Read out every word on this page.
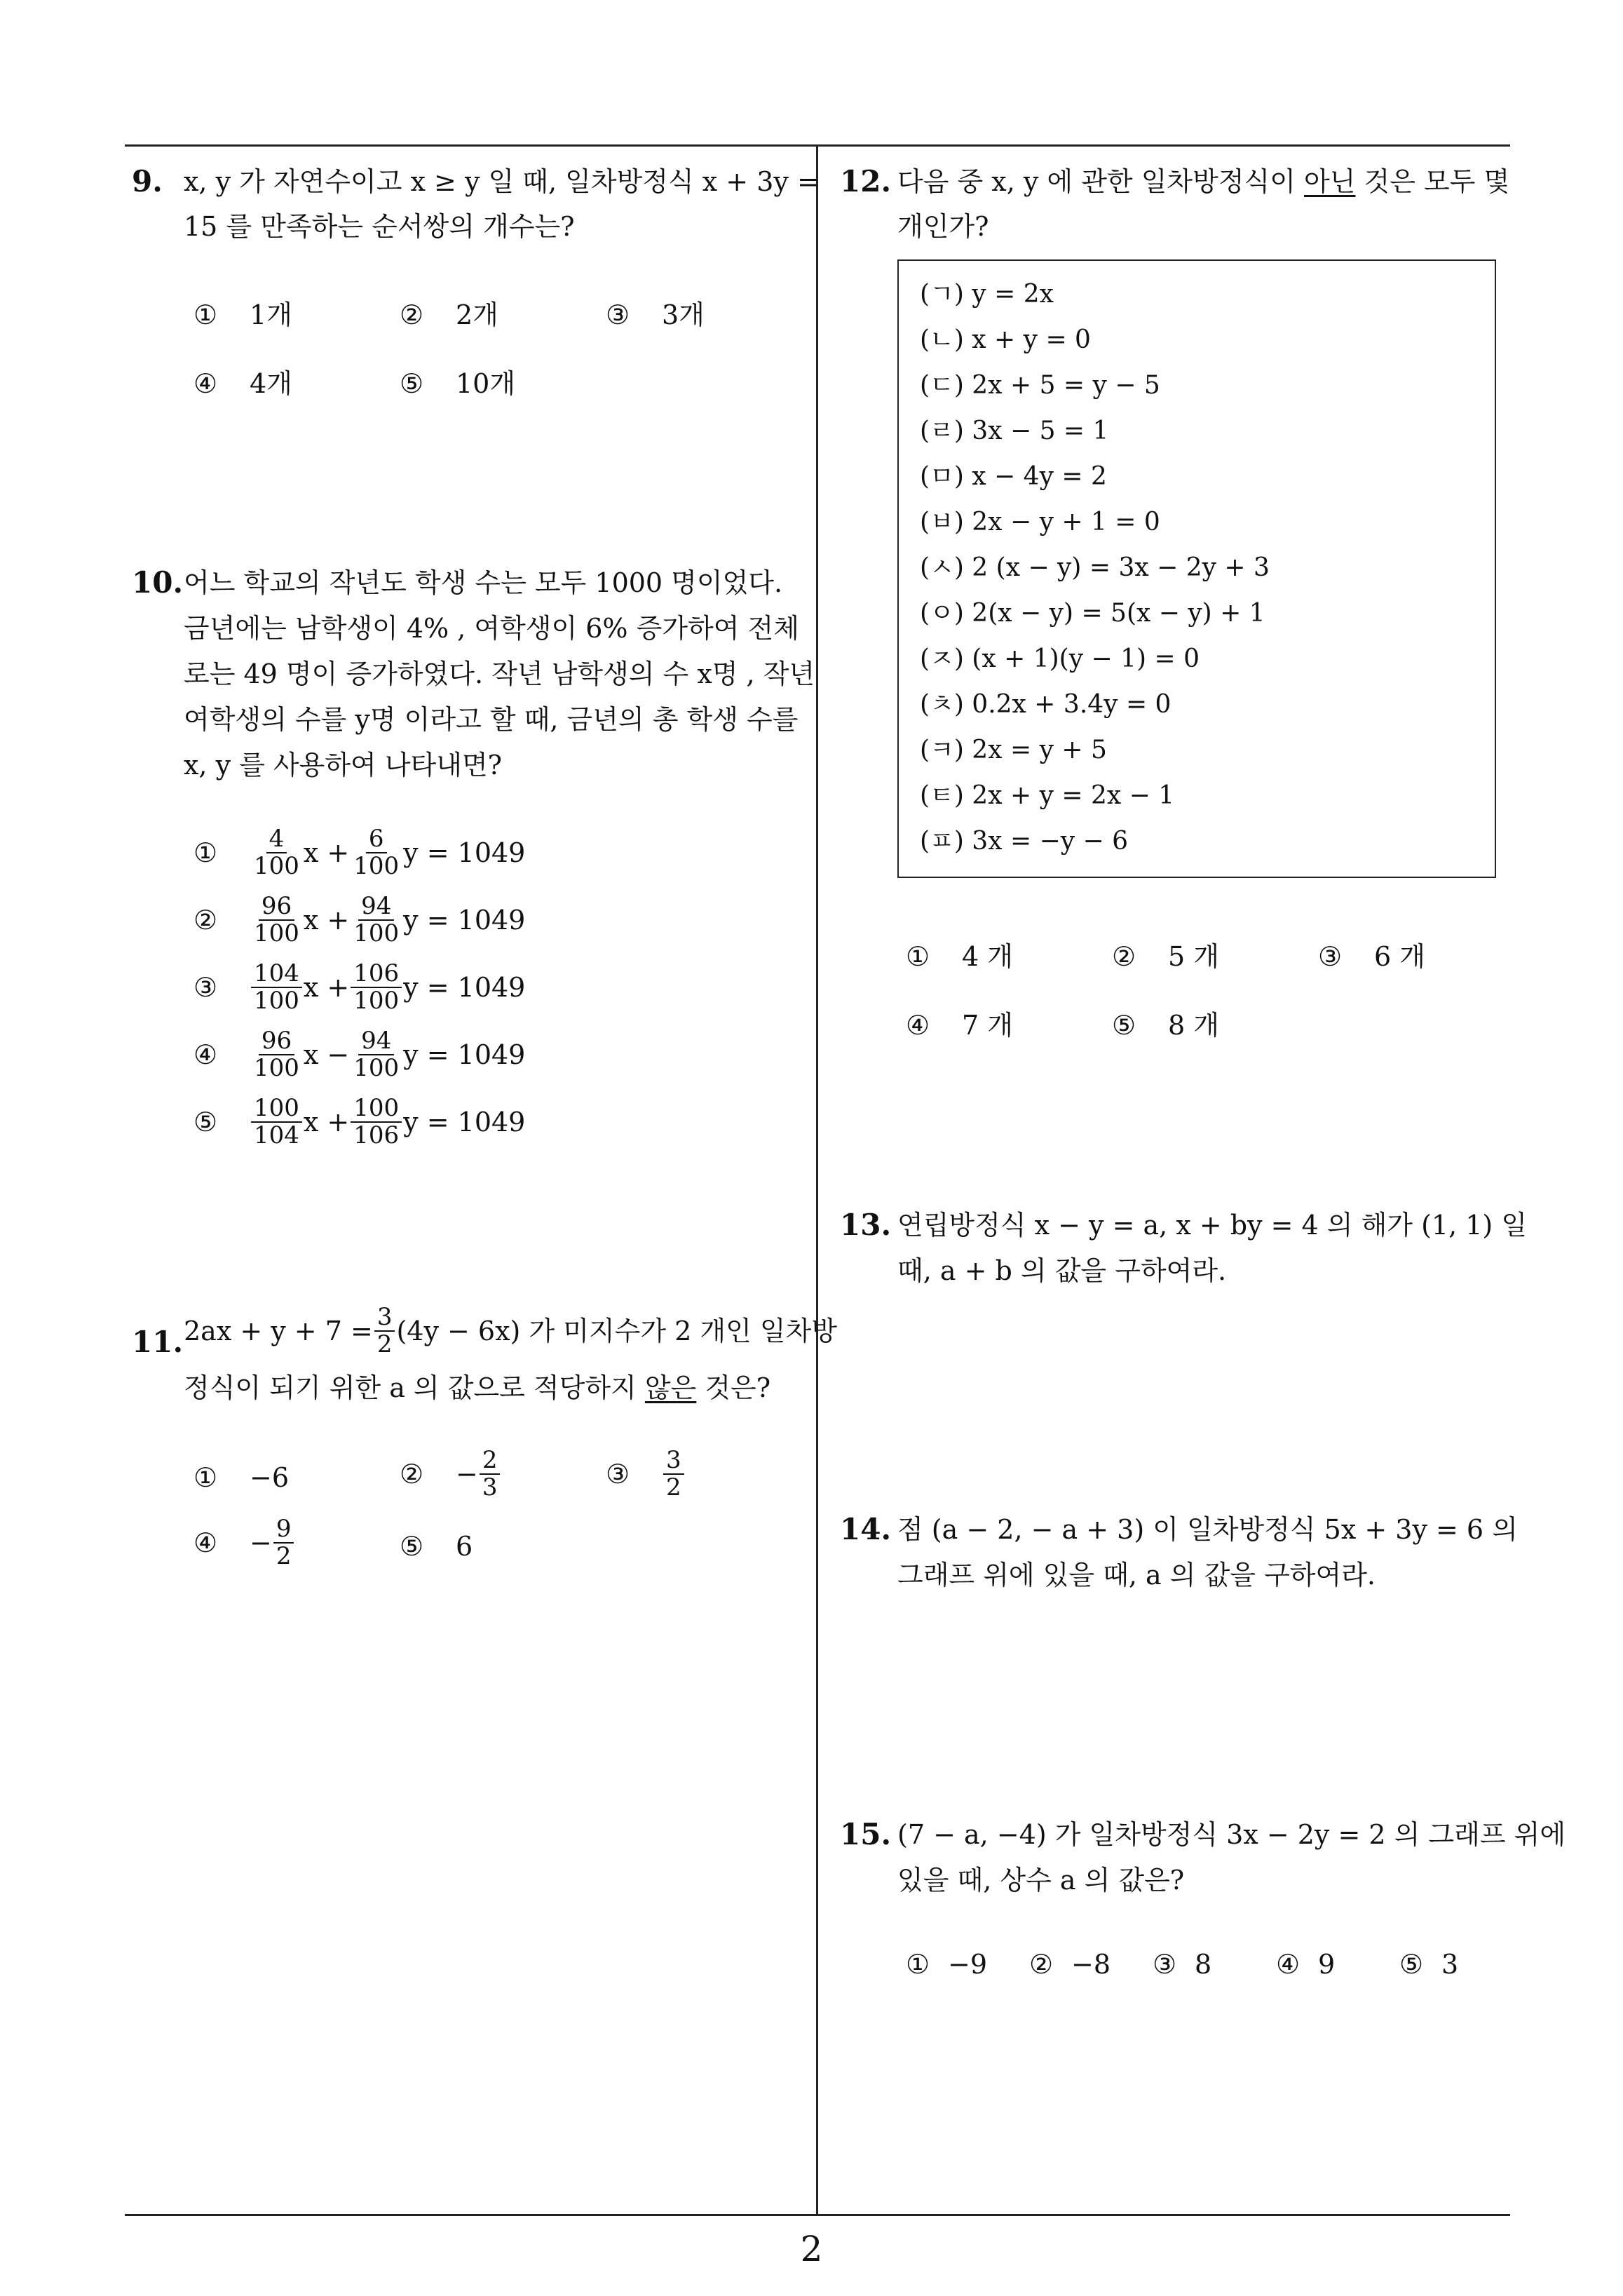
2
9. x, y 가 자연수이고 x ≥ y 일 때, 일차방정식 x + 3y =
15 를 만족하는 순서쌍의 개수는?
①	1개	②	2개	③	3개
④	4개	⑤	10개
10. 어느 학교의 작년도 학생 수는 모두 1000 명이었다.
금년에는 남학생이 4% , 여학생이 6% 증가하여 전체
로는 49 명이 증가하였다. 작년 남학생의 수 x명 , 작년
여학생의 수를 y명 이라고 할 때, 금년의 총 학생 수를
x, y 를 사용하여 나타내면?
①	$\frac{4}{100}$ $x + \frac{6}{100}$ y = 1049
②	$\frac{96}{100}$ $x + \frac{94}{100}$ y = 1049
③	$\frac{104}{100}$ $x + \frac{106}{100}$ y = 1049
④	$\frac{96}{100}$ $x - \frac{94}{100}$ y = 1049
⑤	$\frac{100}{104}$ $x + \frac{100}{106}$ y = 1049
11. $2ax + y + 7 = \frac{3}{2} (4y - 6x)$ 가 미지수가 2 개인 일차방
정식이 되기 위한 a 의 값으로 적당하지 않은 것은?
①	−6	②	− $\frac{2}{3}$	③	$\frac{3}{2}$
④	− $\frac{9}{2}$	⑤	6
12. 다음 중 x, y 에 관한 일차방정식이 아닌 것은 모두 몇
개인가?
(ㄱ) y = 2x
(ㄴ) x + y = 0
(ㄷ) 2x + 5 = y − 5
(ㄹ) 3x − 5 = 1
(ㅁ) x − 4y = 2
(ㅂ) 2x − y + 1 = 0
(ㅅ) 2 (x − y) = 3x − 2y + 3
(ㅇ) 2(x − y) = 5(x − y) + 1
(ㅈ) (x + 1)(y − 1) = 0
(ㅊ) 0.2x + 3.4y = 0
(ㅋ) 2x = y + 5
(ㅌ) 2x + y = 2x − 1
(ㅍ) 3x = −y − 6
①	4 개	②	5 개	③	6 개
④	7 개	⑤	8 개
13. 연립방정식 x − y = a, x + by = 4 의 해가 (1, 1) 일
때, a + b 의 값을 구하여라.
14. 점 (a − 2, − a + 3) 이 일차방정식 5x + 3y = 6 의
그래프 위에 있을 때, a 의 값을 구하여라.
15. (7 − a, −4) 가 일차방정식 3x − 2y = 2 의 그래프 위에
있을 때, 상수 a 의 값은?
① −9 ② −8 ③ 8 ④ 9 ⑤ 3
